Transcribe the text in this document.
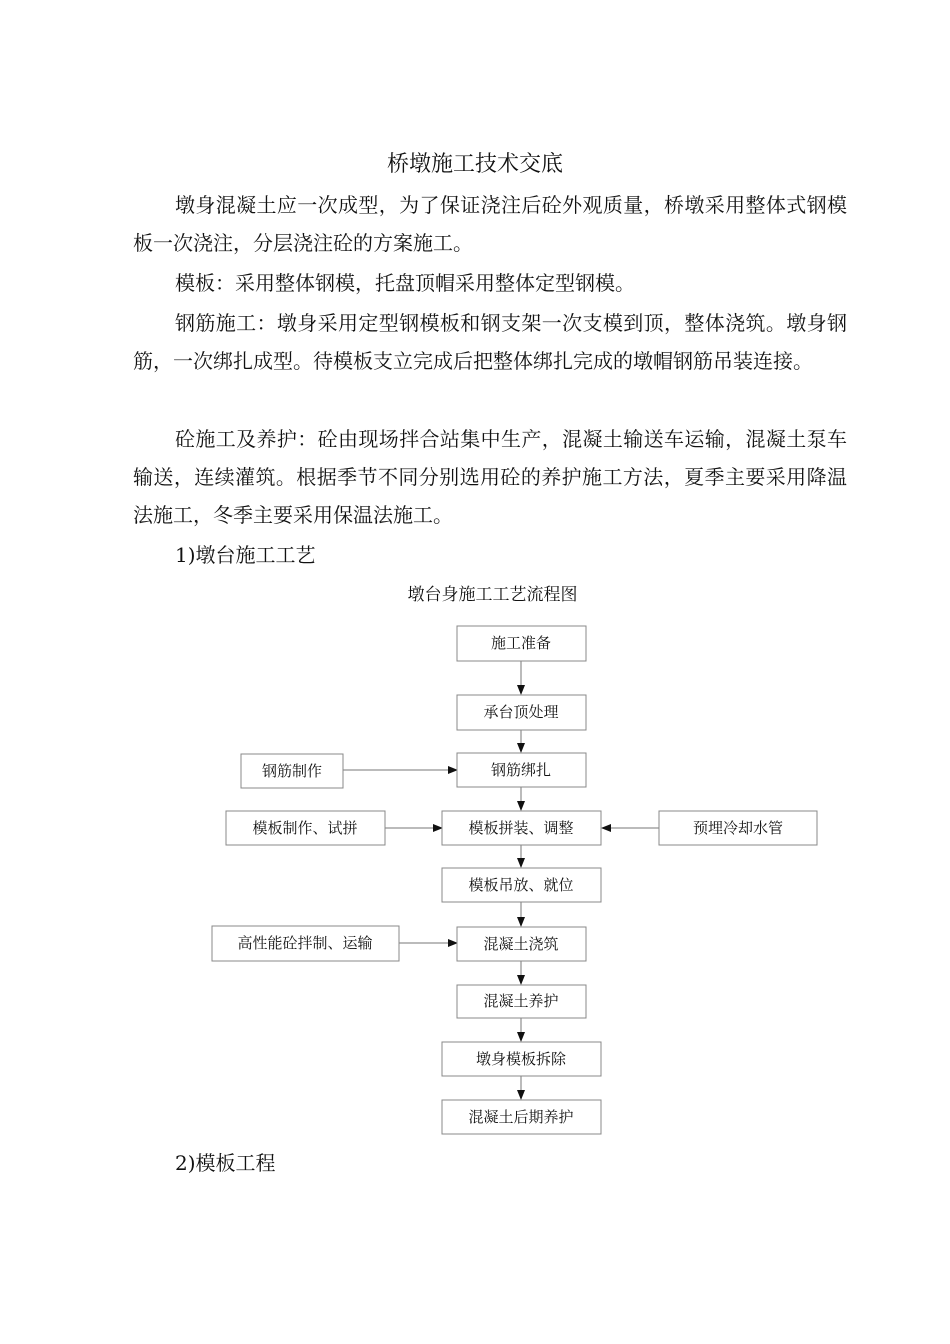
桥墩施工技术交底

墩身混凝土应一次成型，为了保证浇注后砼外观质量，桥墩采用整体式钢模板一次浇注，分层浇注砼的方案施工。

模板：采用整体钢模，托盘顶帽采用整体定型钢模。

钢筋施工：墩身采用定型钢模板和钢支架一次支模到顶，整体浇筑。墩身钢筋，一次绑扎成型。待模板支立完成后把整体绑扎完成的墩帽钢筋吊装连接。

砼施工及养护：砼由现场拌合站集中生产，混凝土输送车运输，混凝土泵车输送，连续灌筑。根据季节不同分别选用砼的养护施工方法，夏季主要采用降温法施工，冬季主要采用保温法施工。

1)墩台施工工艺

墩台身施工工艺流程图
施工准备
承台顶处理
钢筋绑扎
模板拼装、调整
模板吊放、就位
混凝土浇筑
混凝土养护
墩身模板拆除
混凝土后期养护
钢筋制作
模板制作、试拼	预埋冷却水管
高性能砼拌制、运输

2)模板工程
